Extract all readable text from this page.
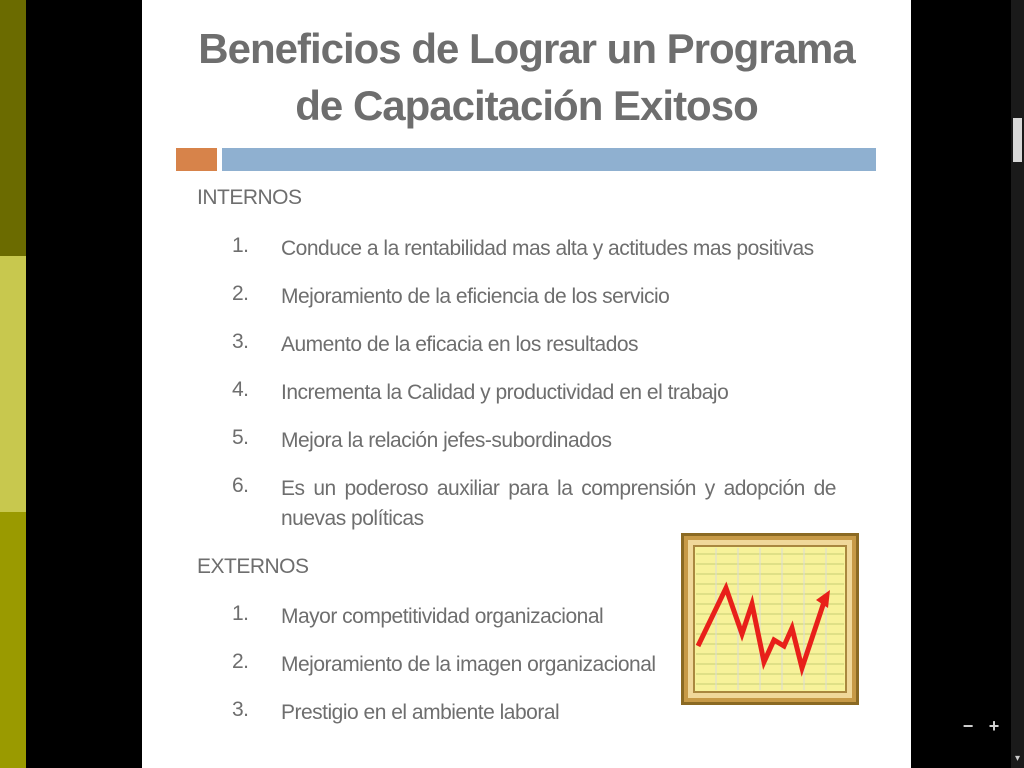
Beneficios de Lograr un Programa
de Capacitación Exitoso
INTERNOS
1. Conduce a la rentabilidad mas alta y actitudes mas positivas
2. Mejoramiento de la eficiencia de los servicio
3. Aumento de la eficacia en los resultados
4. Incrementa la Calidad y productividad en el trabajo
5. Mejora la relación jefes-subordinados
6. Es un poderoso auxiliar para la comprensión y adopción de nuevas políticas
EXTERNOS
1. Mayor competitividad organizacional
2. Mejoramiento de la imagen organizacional
3. Prestigio en el ambiente laboral
▾
− +
